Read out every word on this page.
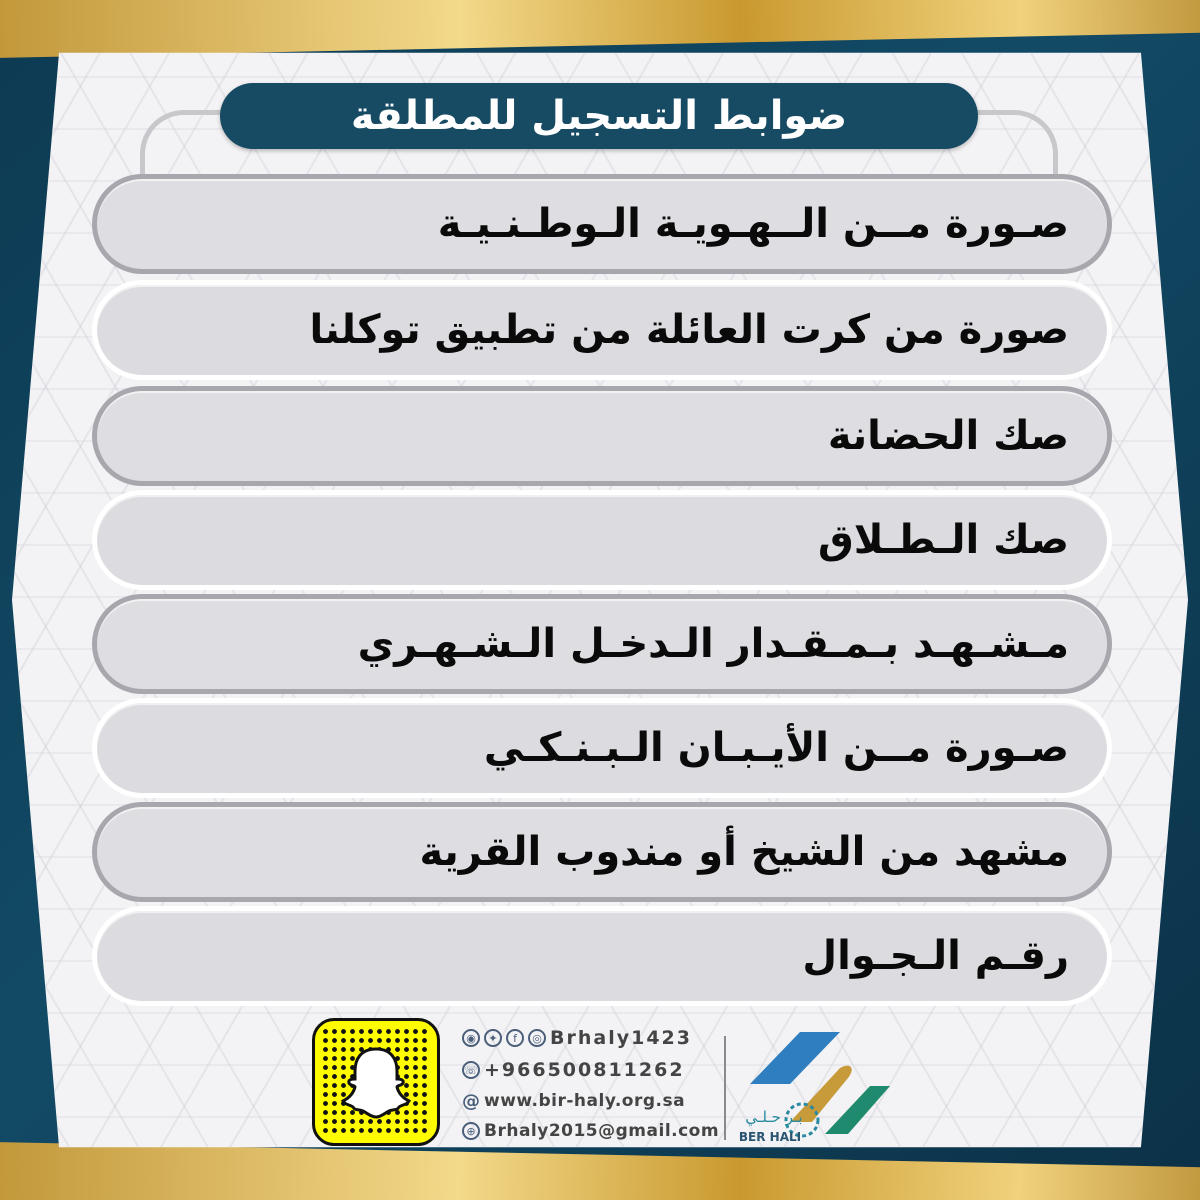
ضوابط التسجيل للمطلقة
صـورة مــن الــهـويـة الـوطـنـيـة
صورة من كرت العائلة من تطبيق توكلنا
صك الحضانة
صك الـطـلاق
مـشـهـد بـمـقـدار الـدخـل الـشـهـري
صـورة مــن الأيـبـان الـبـنـكـي
مشهد من الشيخ أو مندوب القرية
رقـم الـجـوال
◉	✦	f	◎ Brhaly1423
☏ +966500811262
@ www.bir-haly.org.sa
⊕ Brhaly2015@gmail.com
بـر حـلـي
BER HALI
